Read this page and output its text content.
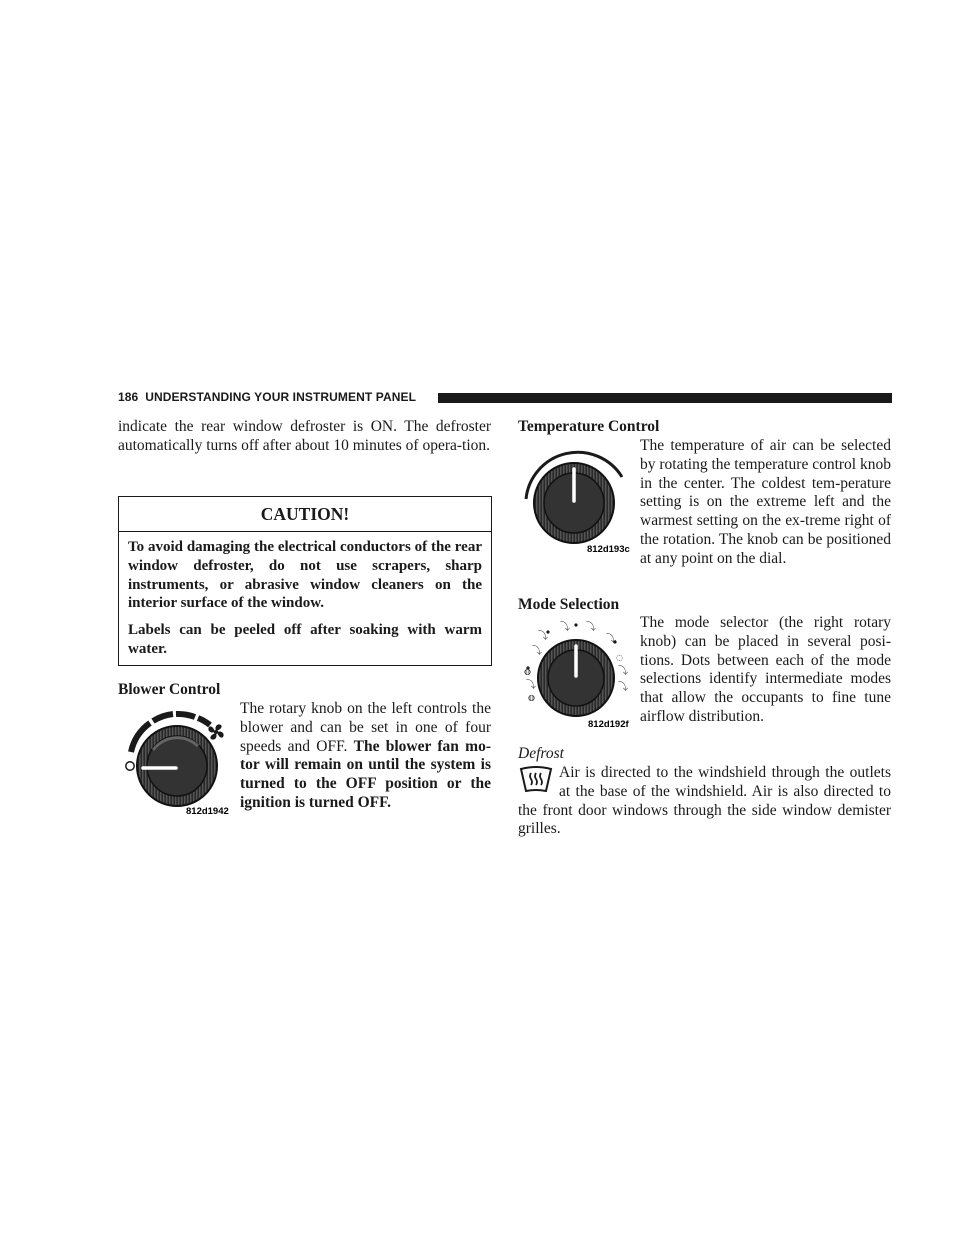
186 UNDERSTANDING YOUR INSTRUMENT PANEL

indicate the rear window defroster is ON. The defroster automatically turns off after about 10 minutes of opera-tion.

CAUTION!

To avoid damaging the electrical conductors of the rear window defroster, do not use scrapers, sharp instruments, or abrasive window cleaners on the interior surface of the window.

Labels can be peeled off after soaking with warm water.

Blower Control
812d1942

The rotary knob on the left controls the blower and can be set in one of four speeds and OFF. The blower fan mo-tor will remain on until the system is turned to the OFF position or the ignition is turned OFF.

Temperature Control
812d193c

The temperature of air can be selected by rotating the temperature control knob in the center. The coldest tem-perature setting is on the extreme left and the warmest setting on the ex-treme right of the rotation. The knob can be positioned at any point on the dial.

Mode Selection
⤵
⤵ ⤵
⤵
⤵
◍
⤵
◍
◌
⤵
⤵
812d192f

The mode selector (the right rotary knob) can be placed in several posi-tions. Dots between each of the mode selections identify intermediate modes that allow the occupants to fine tune airflow distribution.

Defrost

Air is directed to the windshield through the outlets at the base of the windshield. Air is also directed to the front door windows through the side window demister grilles.
